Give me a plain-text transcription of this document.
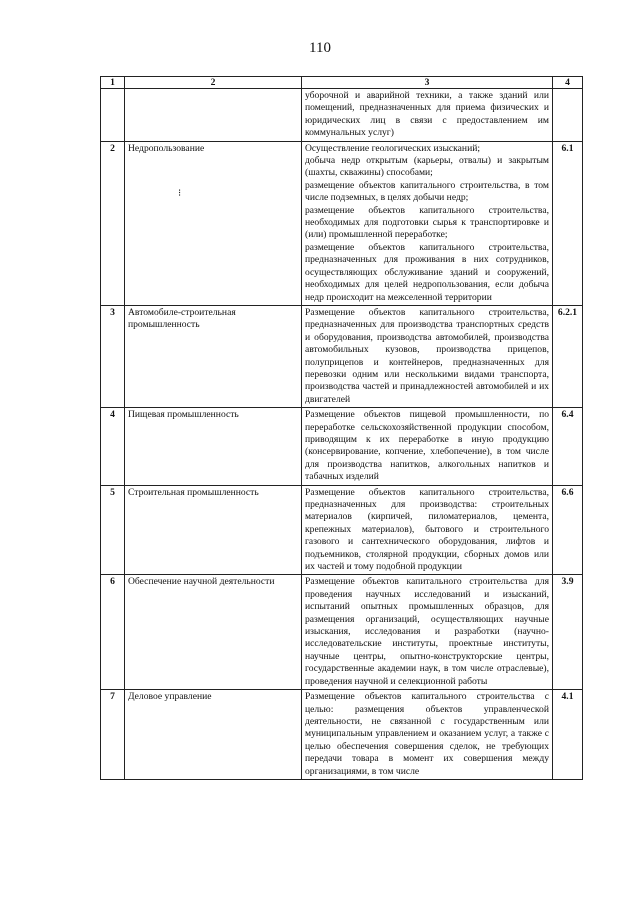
110
1	2	3	4
		уборочной и аварийной техники, а также зданий или помещений, предназначенных для приема физических и юридических лиц в связи с предоставлением им коммунальных услуг)	
2	Недропользование	Осуществление геологических изысканий;
добыча недр открытым (карьеры, отвалы) и закрытым (шахты, скважины) способами;
размещение объектов капитального строительства, в том числе подземных, в целях добычи недр;
размещение объектов капитального строительства, необходимых для подготовки сырья к транспортировке и (или) промышленной переработке;
размещение объектов капитального строительства, предназначенных для проживания в них сотрудников, осуществляющих обслуживание зданий и сооружений, необходимых для целей недропользования, если добыча недр происходит на межселенной территории	6.1
3	Автомобиле-строительная промышленность	Размещение объектов капитального строительства, предназначенных для производства транспортных средств и оборудования, производства автомобилей, производства автомобильных кузовов, производства прицепов, полуприцепов и контейнеров, предназначенных для перевозки одним или несколькими видами транспорта, производства частей и принадлежностей автомобилей и их двигателей	6.2.1
4	Пищевая промышленность	Размещение объектов пищевой промышленности, по переработке сельскохозяйственной продукции способом, приводящим к их переработке в иную продукцию (консервирование, копчение, хлебопечение), в том числе для производства напитков, алкогольных напитков и табачных изделий	6.4
5	Строительная промышленность	Размещение объектов капитального строительства, предназначенных для производства: строительных материалов (кирпичей, пиломатериалов, цемента, крепежных материалов), бытового и строительного газового и сантехнического оборудования, лифтов и подъемников, столярной продукции, сборных домов или их частей и тому подобной продукции	6.6
6	Обеспечение научной деятельности	Размещение объектов капитального строительства для проведения научных исследований и изысканий, испытаний опытных промышленных образцов, для размещения организаций, осуществляющих научные изыскания, исследования и разработки (научно-исследовательские институты, проектные институты, научные центры, опытно-конструкторские центры, государственные академии наук, в том числе отраслевые), проведения научной и селекционной работы	3.9
7	Деловое управление	Размещение объектов капитального строительства с целью: размещения объектов управленческой деятельности, не связанной с государственным или муниципальным управлением и оказанием услуг, а также с целью обеспечения совершения сделок, не требующих передачи товара в момент их совершения между организациями, в том числе	4.1
⁝
